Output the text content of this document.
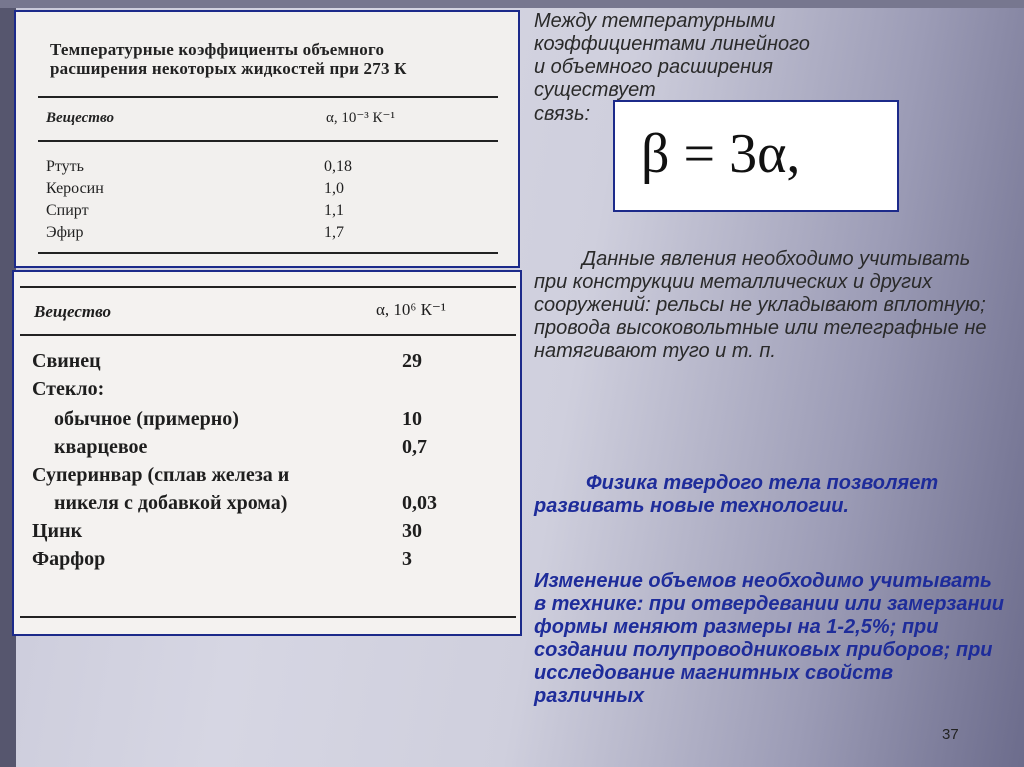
Температурные коэффициенты объемного
расширения некоторых жидкостей при 273 К
Вещество	α, 10⁻³ К⁻¹
Ртуть	0,18
Керосин	1,0
Спирт	1,1
Эфир	1,7
Вещество	α, 10⁶ К⁻¹
Свинец	29
Стекло:
обычное (примерно)	10
кварцевое	0,7
Суперинвар (сплав железа и
никеля с добавкой хрома)	0,03
Цинк	30
Фарфор	3
β = 3α,
Между температурными коэффициентами линейного и объемного расширения существует
связь:
Данные явления необходимо учитывать при конструкции металлических и других сооружений: рельсы не укладывают вплотную; провода высоковольтные или телеграфные не натягивают туго и т. п.
Физика твердого тела позволяет развивать новые технологии.
Изменение объемов необходимо учитывать в технике: при отвердевании или замерзании формы меняют размеры на 1-2,5%; при создании полупроводниковых приборов; при исследование магнитных свойств различных
37
